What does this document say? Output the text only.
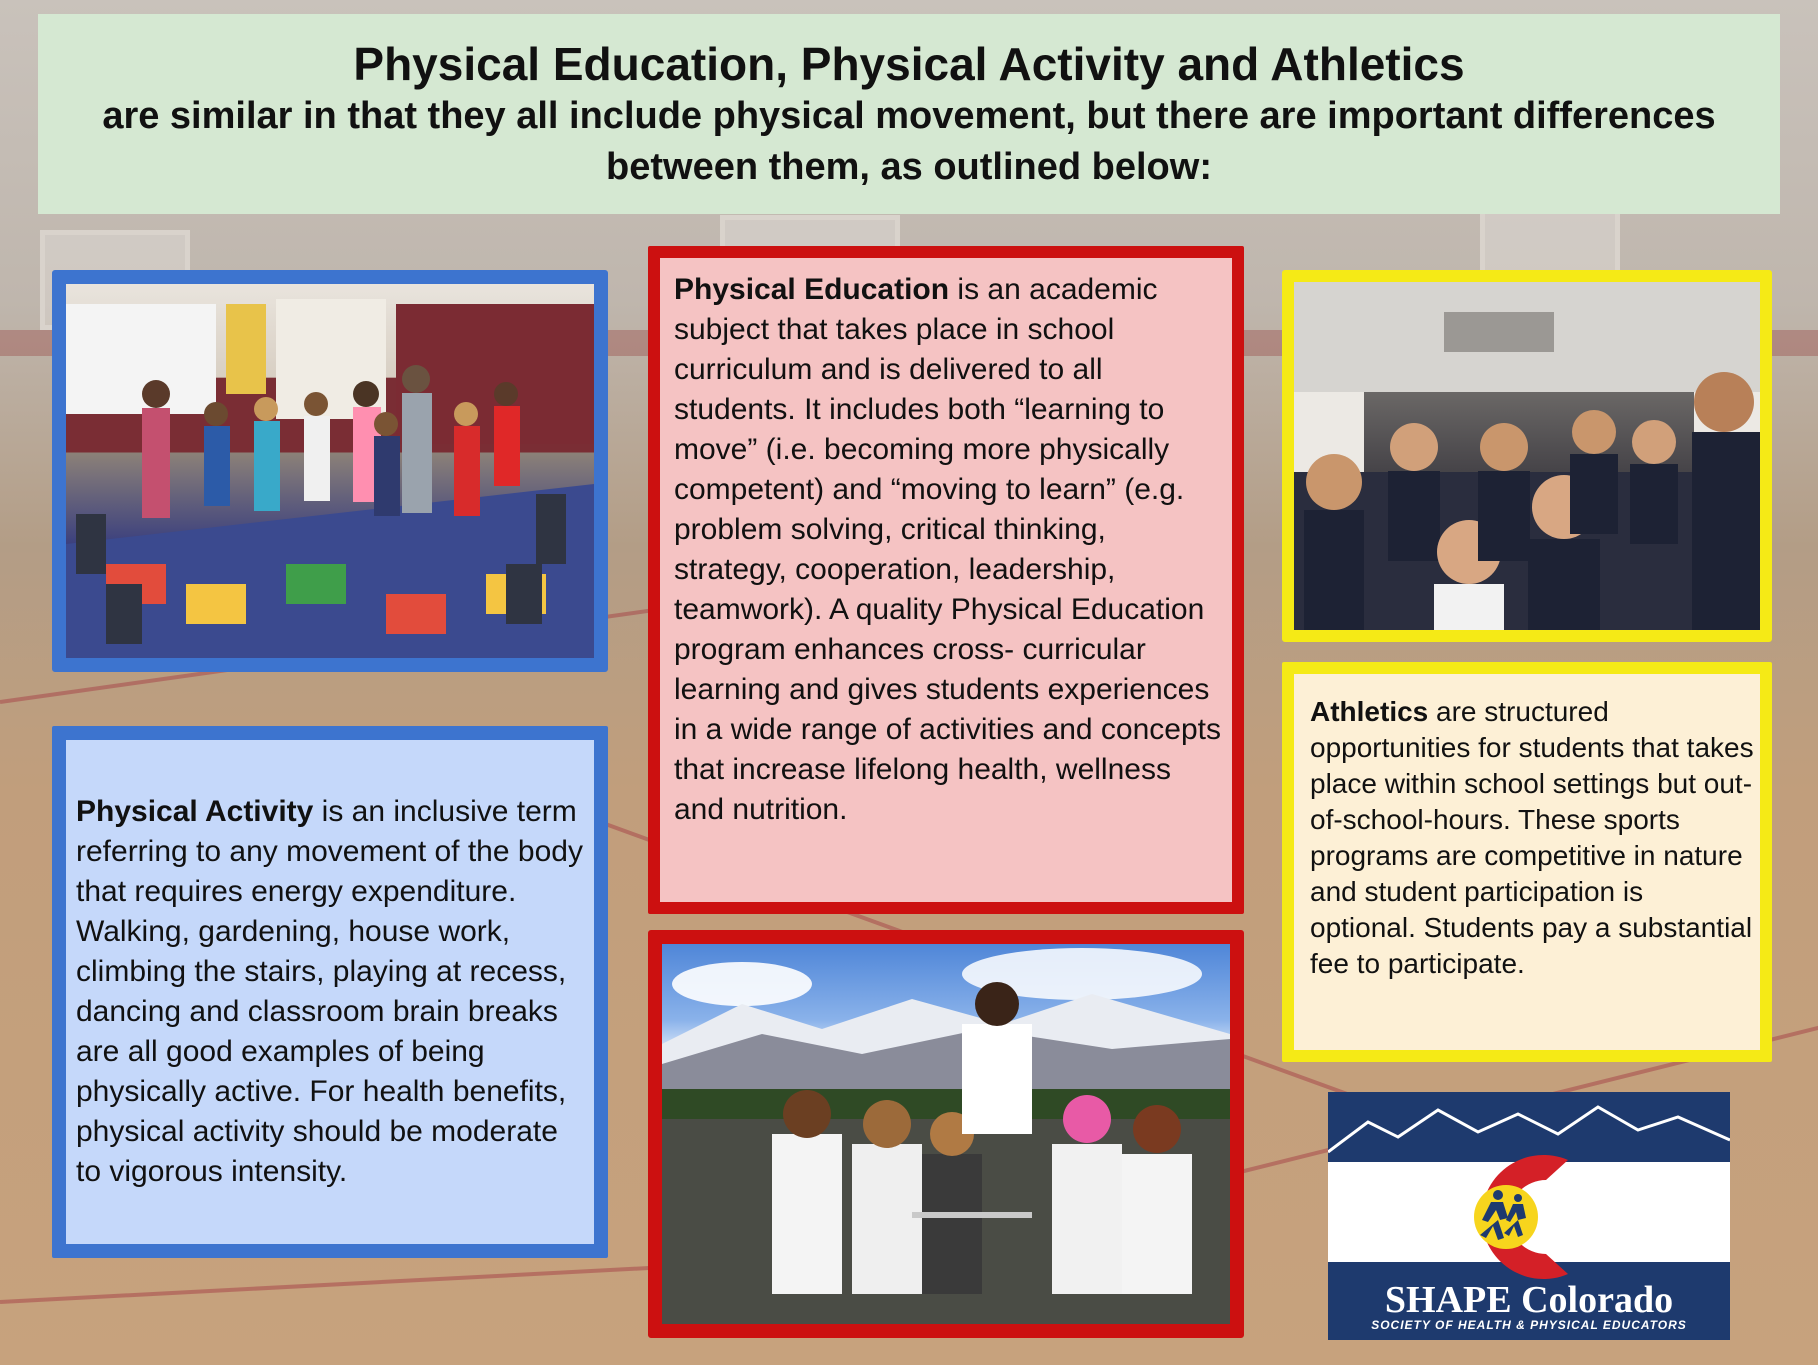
Physical Education, Physical Activity and Athletics
are similar in that they all include physical movement, but there are important differences between them, as outlined below:
Physical Activity is an inclusive term referring to any movement of the body that requires energy expenditure. Walking, gardening, house work, climbing the stairs, playing at recess, dancing and classroom brain breaks are all good examples of being physically active. For health benefits, physical activity should be moderate to vigorous intensity.
Physical Education is an academic subject that takes place in school curriculum and is delivered to all students. It includes both “learning to move” (i.e. becoming more physically competent) and “moving to learn” (e.g. problem solving, critical thinking, strategy, cooperation, leadership, teamwork). A quality Physical Education program enhances cross- curricular learning and gives students experiences in a wide range of activities and concepts that increase lifelong health, wellness and nutrition.
Athletics are structured opportunities for students that takes place within school settings but out-of-school-hours. These sports programs are competitive in nature and student participation is optional. Students pay a substantial fee to participate.
SHAPE Colorado
SOCIETY OF HEALTH & PHYSICAL EDUCATORS
